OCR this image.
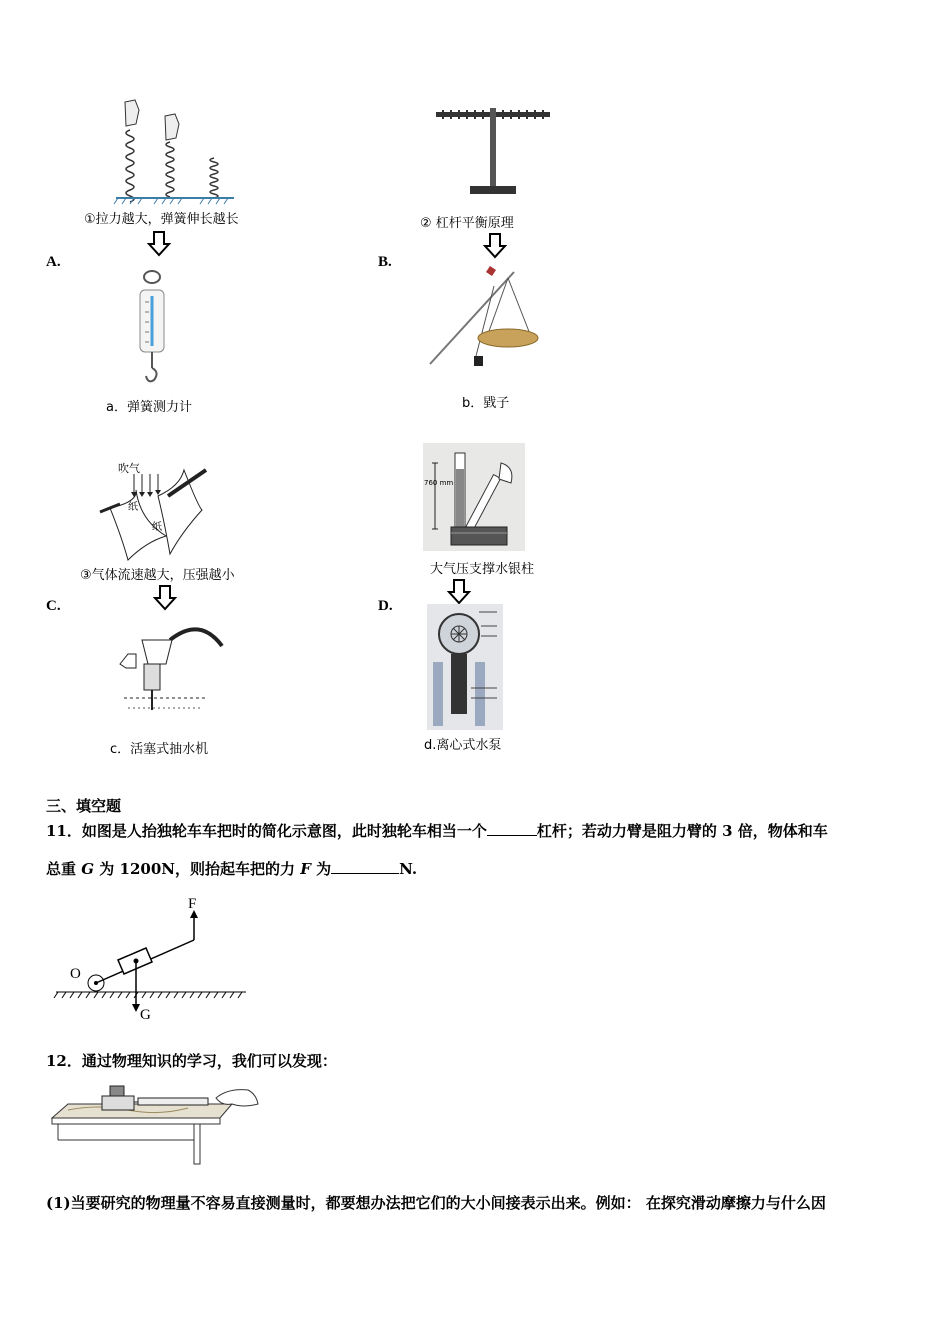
①拉力越大，弹簧伸长越长
A.
a．弹簧测力计
② 杠杆平衡原理
B.
b．戥子
吹气
纸
纸
③气体流速越大，压强越小
C.
c．活塞式抽水机
760 mm
大气压支撑水银柱
D.
d.离心式水泵
三、填空题
11．如图是人抬独轮车车把时的简化示意图，此时独轮车相当一个	杠杆；若动力臂是阻力臂的 3 倍，物体和车
总重 G 为 1200N，则抬起车把的力 F 为	N.
F
O
G
12．通过物理知识的学习，我们可以发现：
(1)当要研究的物理量不容易直接测量时，都要想办法把它们的大小间接表示出来。例如： 在探究滑动摩擦力与什么因
